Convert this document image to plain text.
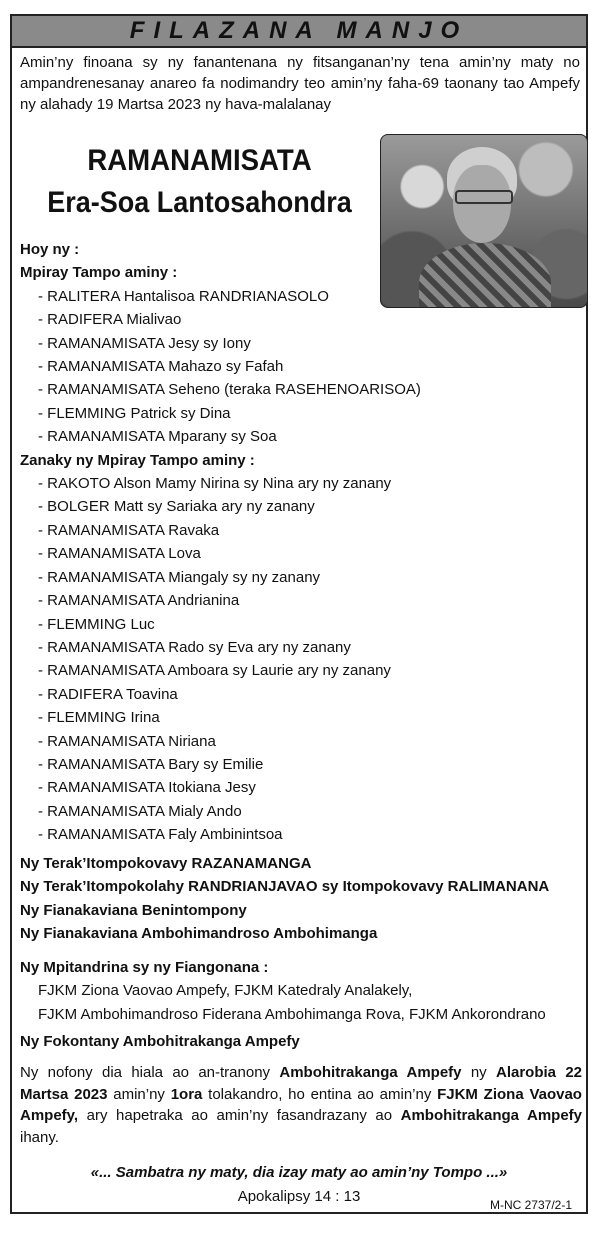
FILAZANA MANJO
Amin’ny finoana sy ny fanantenana ny fitsanganan’ny tena amin’ny maty no ampandrenesanay anareo fa nodimandry teo amin’ny faha-69 taonany tao Ampefy ny alahady 19 Martsa 2023 ny hava-malalanay
RAMANAMISATA
Era-Soa Lantosahondra
Hoy ny :
Mpiray Tampo aminy :
- RALITERA Hantalisoa RANDRIANASOLO
- RADIFERA Mialivao
- RAMANAMISATA Jesy sy Iony
- RAMANAMISATA Mahazo sy Fafah
- RAMANAMISATA Seheno (teraka RASEHENOARISOA)
- FLEMMING Patrick sy Dina
- RAMANAMISATA Mparany sy Soa
Zanaky ny Mpiray Tampo aminy :
- RAKOTO Alson Mamy Nirina sy Nina ary ny zanany
- BOLGER Matt sy Sariaka ary ny zanany
- RAMANAMISATA Ravaka
- RAMANAMISATA Lova
- RAMANAMISATA Miangaly sy ny zanany
- RAMANAMISATA Andrianina
- FLEMMING Luc
- RAMANAMISATA Rado sy Eva ary ny zanany
- RAMANAMISATA Amboara sy Laurie ary ny zanany
- RADIFERA Toavina
- FLEMMING Irina
- RAMANAMISATA Niriana
- RAMANAMISATA Bary sy Emilie
- RAMANAMISATA Itokiana Jesy
- RAMANAMISATA Mialy Ando
- RAMANAMISATA Faly Ambinintsoa
Ny Terak’Itompokovavy RAZANAMANGA
Ny Terak’Itompokolahy RANDRIANJAVAO sy Itompokovavy RALIMANANA
Ny Fianakaviana Benintompony
Ny Fianakaviana Ambohimandroso Ambohimanga
Ny Mpitandrina sy ny Fiangonana :
FJKM Ziona Vaovao Ampefy, FJKM Katedraly Analakely,
FJKM Ambohimandroso Fiderana Ambohimanga Rova, FJKM Ankorondrano
Ny Fokontany Ambohitrakanga Ampefy
Ny nofony dia hiala ao an-tranony Ambohitrakanga Ampefy ny Alarobia 22 Martsa 2023 amin’ny 1ora tolakandro, ho entina ao amin’ny FJKM Ziona Vaovao Ampefy, ary hapetraka ao amin’ny fasandrazany ao Ambohitrakanga Ampefy ihany.
«... Sambatra ny maty, dia izay maty ao amin’ny Tompo ...»
Apokalipsy 14 : 13	M-NC 2737/2-1
